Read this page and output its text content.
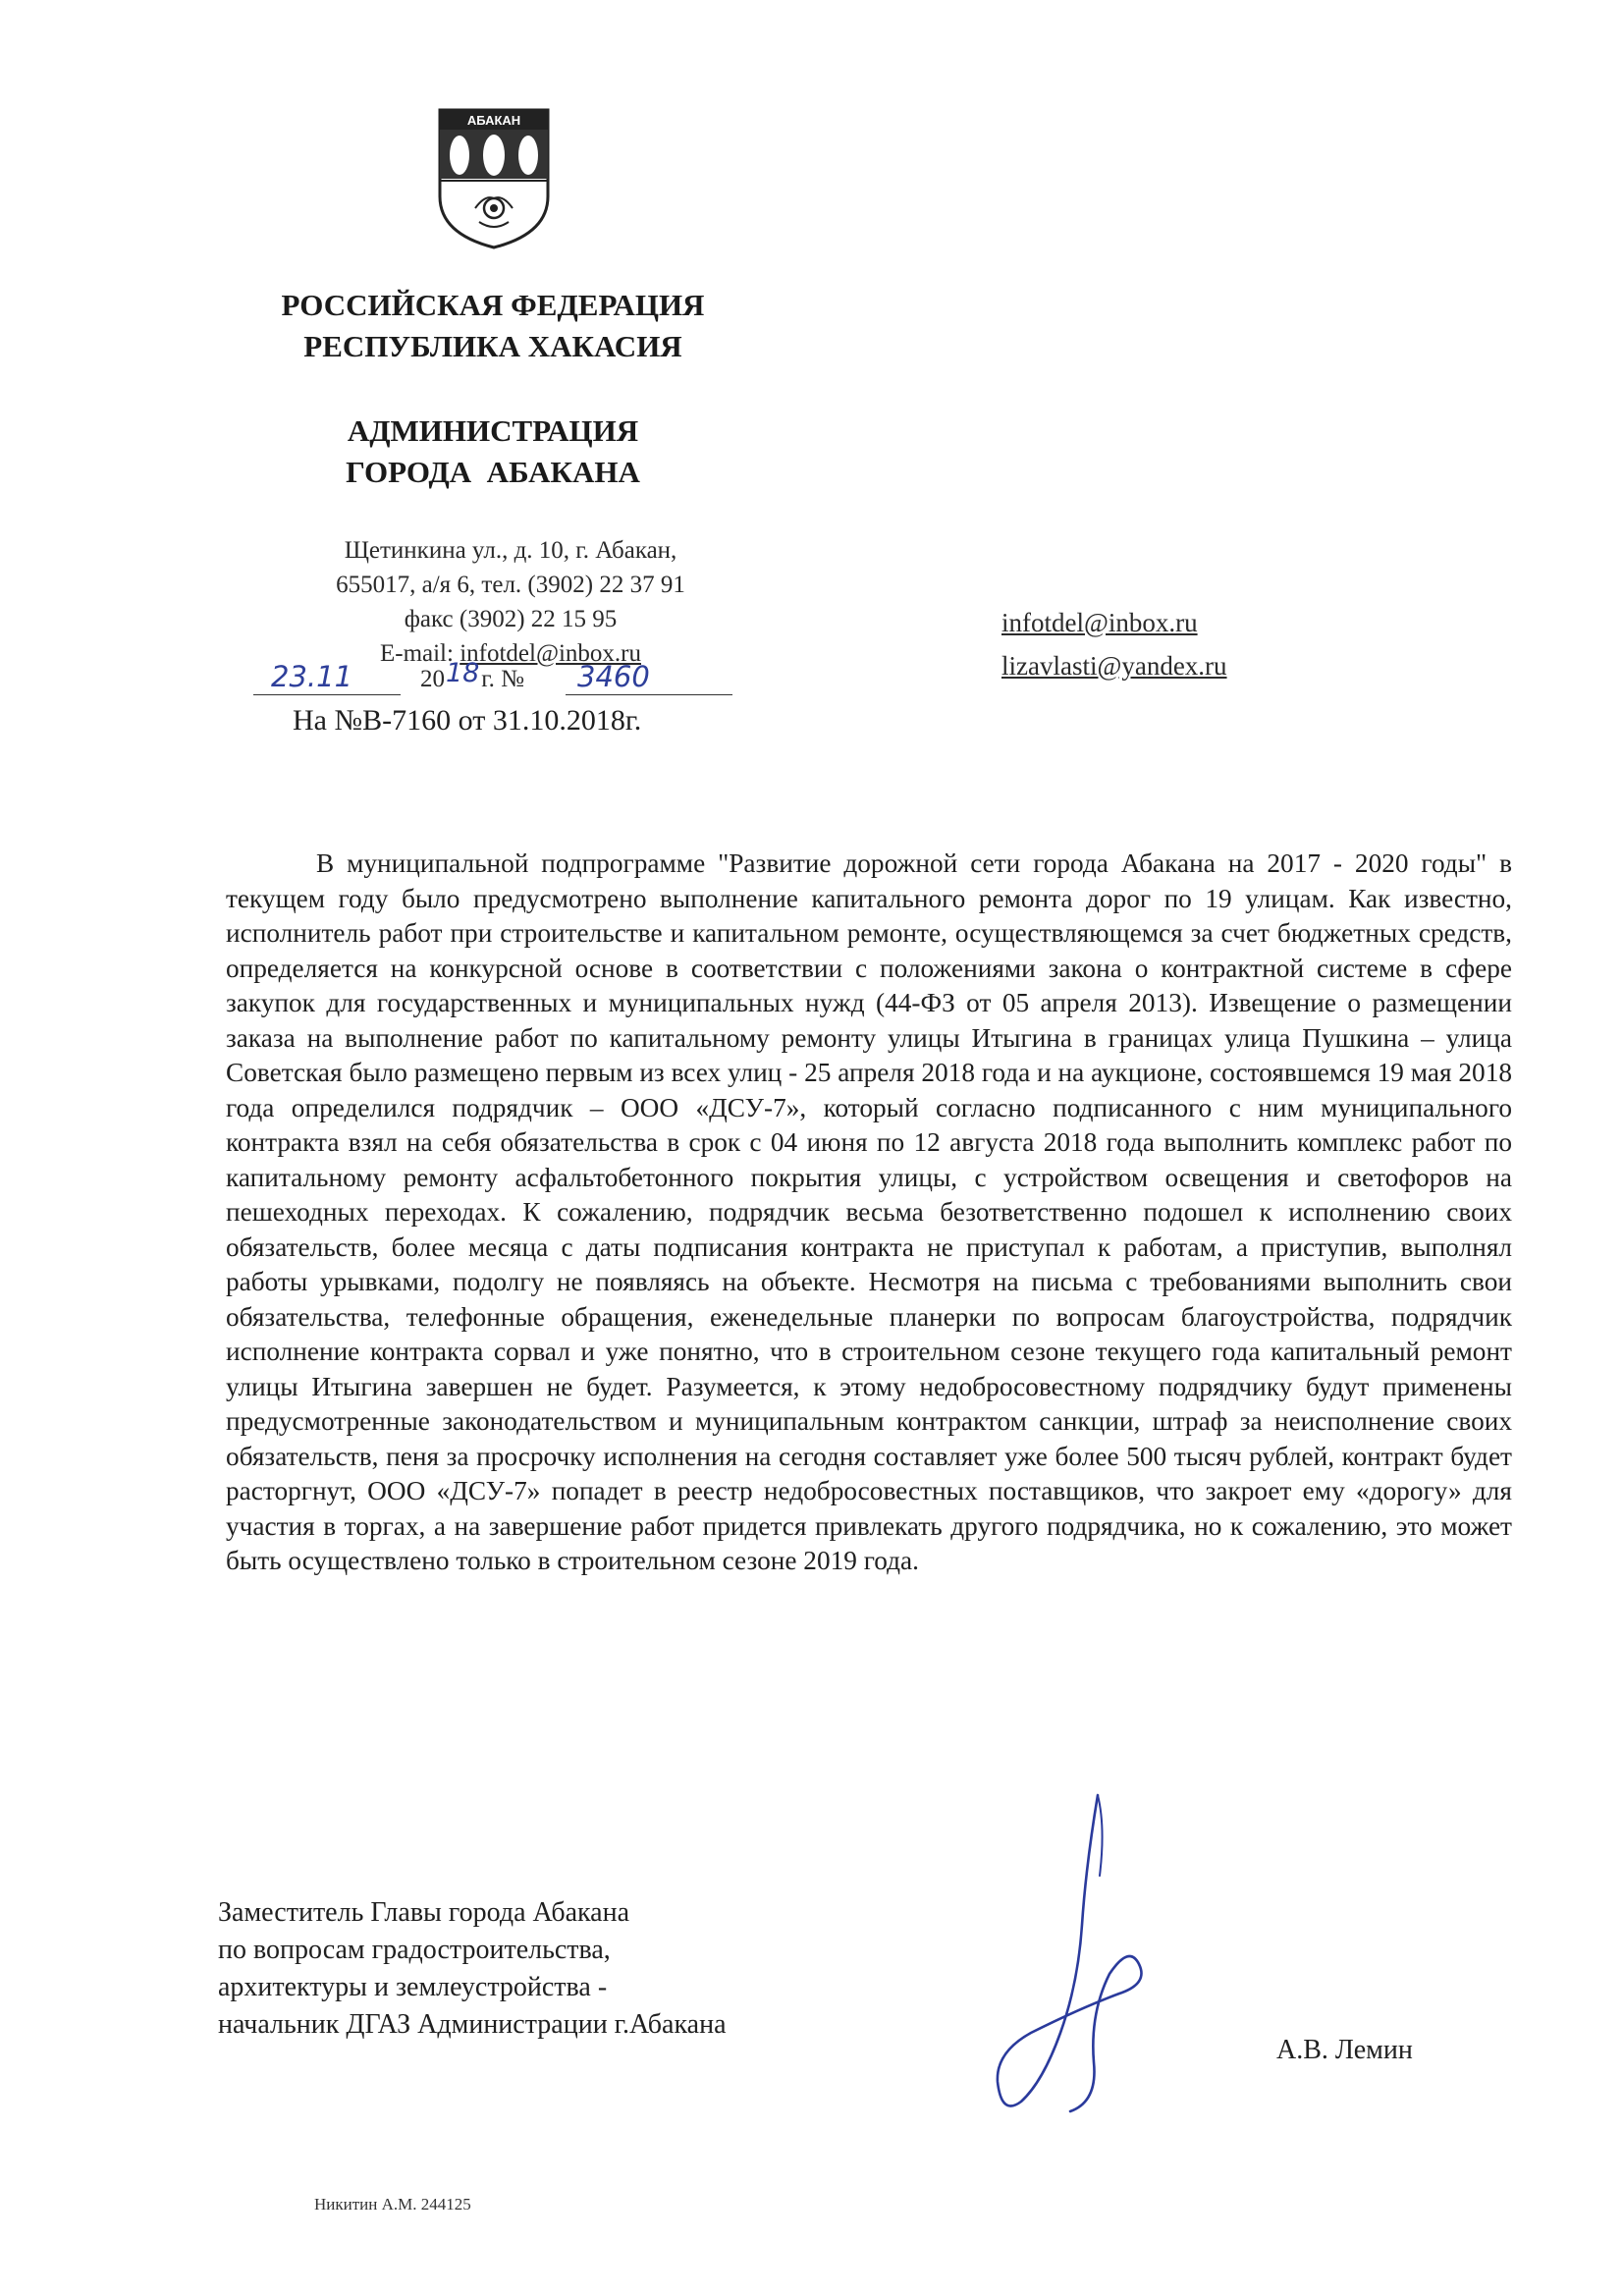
АБАКАН
РОССИЙСКАЯ ФЕДЕРАЦИЯ
РЕСПУБЛИКА ХАКАСИЯ
АДМИНИСТРАЦИЯ
ГОРОДА  АБАКАНА
Щетинкина ул., д. 10, г. Абакан,
655017, а/я 6, тел. (3902) 22 37 91
факс (3902) 22 15 95
E-mail: infotdel@inbox.ru
23.11	20 18
г. № 3460
На №В-7160 от 31.10.2018г.
infotdel@inbox.ru
lizavlasti@yandex.ru
В муниципальной подпрограмме "Развитие дорожной сети города Абакана на 2017 - 2020 годы" в текущем году было предусмотрено выполнение капитального ремонта дорог по 19 улицам. Как известно, исполнитель работ при строительстве и капитальном ремонте, осуществляющемся за счет бюджетных средств, определяется на конкурсной основе в соответствии с положениями закона о контрактной системе в сфере закупок для государственных и муниципальных нужд (44-ФЗ от 05 апреля 2013). Извещение о размещении заказа на выполнение работ по капитальному ремонту улицы Итыгина в границах улица Пушкина – улица Советская было размещено первым из всех улиц - 25 апреля 2018 года и на аукционе, состоявшемся 19 мая 2018 года определился подрядчик – ООО «ДСУ-7», который согласно подписанного с ним муниципального контракта взял на себя обязательства в срок с 04 июня по 12 августа 2018 года выполнить комплекс работ по капитальному ремонту асфальтобетонного покрытия улицы, с устройством освещения и светофоров на пешеходных переходах. К сожалению, подрядчик весьма безответственно подошел к исполнению своих обязательств, более месяца с даты подписания контракта не приступал к работам, а приступив, выполнял работы урывками, подолгу не появляясь на объекте. Несмотря на письма с требованиями выполнить свои обязательства, телефонные обращения, еженедельные планерки по вопросам благоустройства, подрядчик исполнение контракта сорвал и уже понятно, что в строительном сезоне текущего года капитальный ремонт улицы Итыгина завершен не будет. Разумеется, к этому недобросовестному подрядчику будут применены предусмотренные законодательством и муниципальным контрактом санкции, штраф за неисполнение своих обязательств, пеня за просрочку исполнения на сегодня составляет уже более 500 тысяч рублей, контракт будет расторгнут, ООО «ДСУ-7» попадет в реестр недобросовестных поставщиков, что закроет ему «дорогу» для участия в торгах, а на завершение работ придется привлекать другого подрядчика, но к сожалению, это может быть осуществлено только в строительном сезоне 2019 года.
Заместитель Главы города Абакана
по вопросам градостроительства,
архитектуры и землеустройства -
начальник ДГАЗ Администрации г.Абакана
А.В. Лемин
Никитин А.М. 244125
